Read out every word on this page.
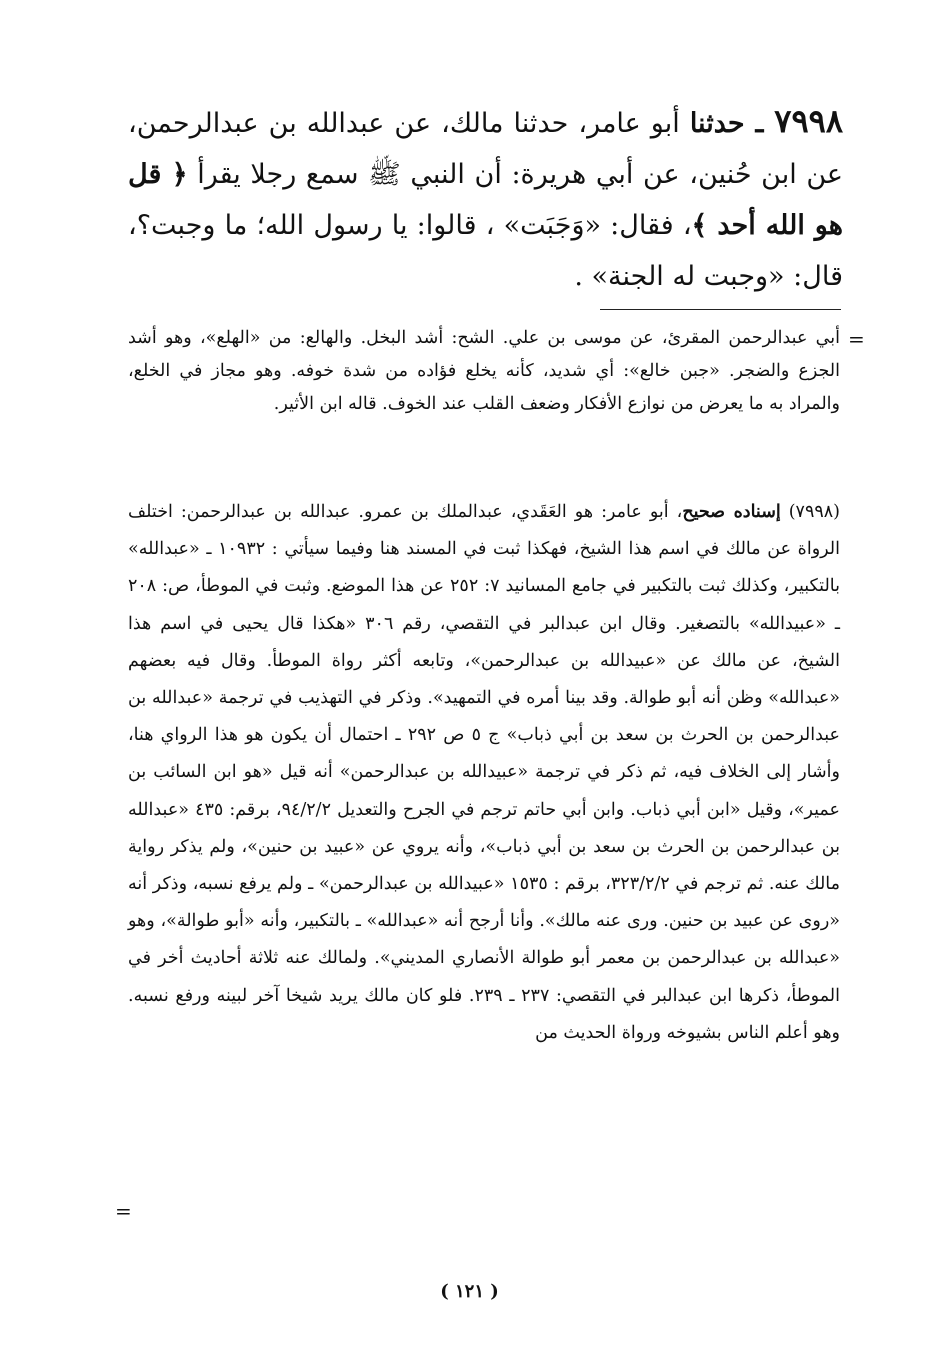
٧٩٩٨ ـ حدثنا أبو عامر، حدثنا مالك، عن عبدالله بن عبدالرحمن، عن ابن حُنين، عن أبي هريرة: أن النبي ﷺ سمع رجلا يقرأ ﴿ قل هو الله أحد ﴾، فقال: «وَجَبَت» ، قالوا: يا رسول الله؛ ما وجبت؟، قال: «وجبت له الجنة» .

=

أبي عبدالرحمن المقرئ، عن موسى بن علي. الشح: أشد البخل. والهالع: من «الهلع»، وهو أشد الجزع والضجر. «جبن خالع»: أي شديد، كأنه يخلع فؤاده من شدة خوفه. وهو مجاز في الخلع، والمراد به ما يعرض من نوازع الأفكار وضعف القلب عند الخوف. قاله ابن الأثير.

(٧٩٩٨)إسناده صحيح، أبو عامر: هو العَقَدي، عبدالملك بن عمرو. عبدالله بن عبدالرحمن: اختلف الرواة عن مالك في اسم هذا الشيخ، فهكذا ثبت في المسند هنا وفيما سيأتي : ١٠٩٣٢ ـ «عبدالله» بالتكبير، وكذلك ثبت بالتكبير في جامع المسانيد ٧: ٢٥٢ عن هذا الموضع. وثبت في الموطأ، ص: ٢٠٨ ـ «عبيدالله» بالتصغير. وقال ابن عبدالبر في التقصي، رقم ٣٠٦ «هكذا قال يحيى في اسم هذا الشيخ، عن مالك عن «عبيدالله بن عبدالرحمن»، وتابعه أكثر رواة الموطأ. وقال فيه بعضهم «عبدالله» وظن أنه أبو طوالة. وقد بينا أمره في التمهيد». وذكر في التهذيب في ترجمة «عبدالله بن عبدالرحمن بن الحرث بن سعد بن أبي ذباب» ج ٥ ص ٢٩٢ ـ احتمال أن يكون هو هذا الرواي هنا، وأشار إلى الخلاف فيه، ثم ذكر في ترجمة «عبيدالله بن عبدالرحمن» أنه قيل «هو ابن السائب بن عمير»، وقيل «ابن أبي ذباب. وابن أبي حاتم ترجم في الجرح والتعديل ٩٤/٢/٢، برقم: ٤٣٥ «عبدالله بن عبدالرحمن بن الحرث بن سعد بن أبي ذباب»، وأنه يروي عن «عبيد بن حنين»، ولم يذكر رواية مالك عنه. ثم ترجم في ٣٢٣/٢/٢، برقم : ١٥٣٥ «عبيدالله بن عبدالرحمن» ـ ولم يرفع نسبه، وذكر أنه «روى عن عبيد بن حنين. ورى عنه مالك». وأنا أرجح أنه «عبدالله» ـ بالتكبير، وأنه «أبو طوالة»، وهو «عبدالله بن عبدالرحمن بن معمر أبو طوالة الأنصاري المديني». ولمالك عنه ثلاثة أحاديث أخر في الموطأ، ذكرها ابن عبدالبر في التقصي: ٢٣٧ ـ ٢٣٩. فلو كان مالك يريد شيخا آخر لبينه ورفع نسبه. وهو أعلم الناس بشيوخه ورواة الحديث من

=
( ١٢١ )
